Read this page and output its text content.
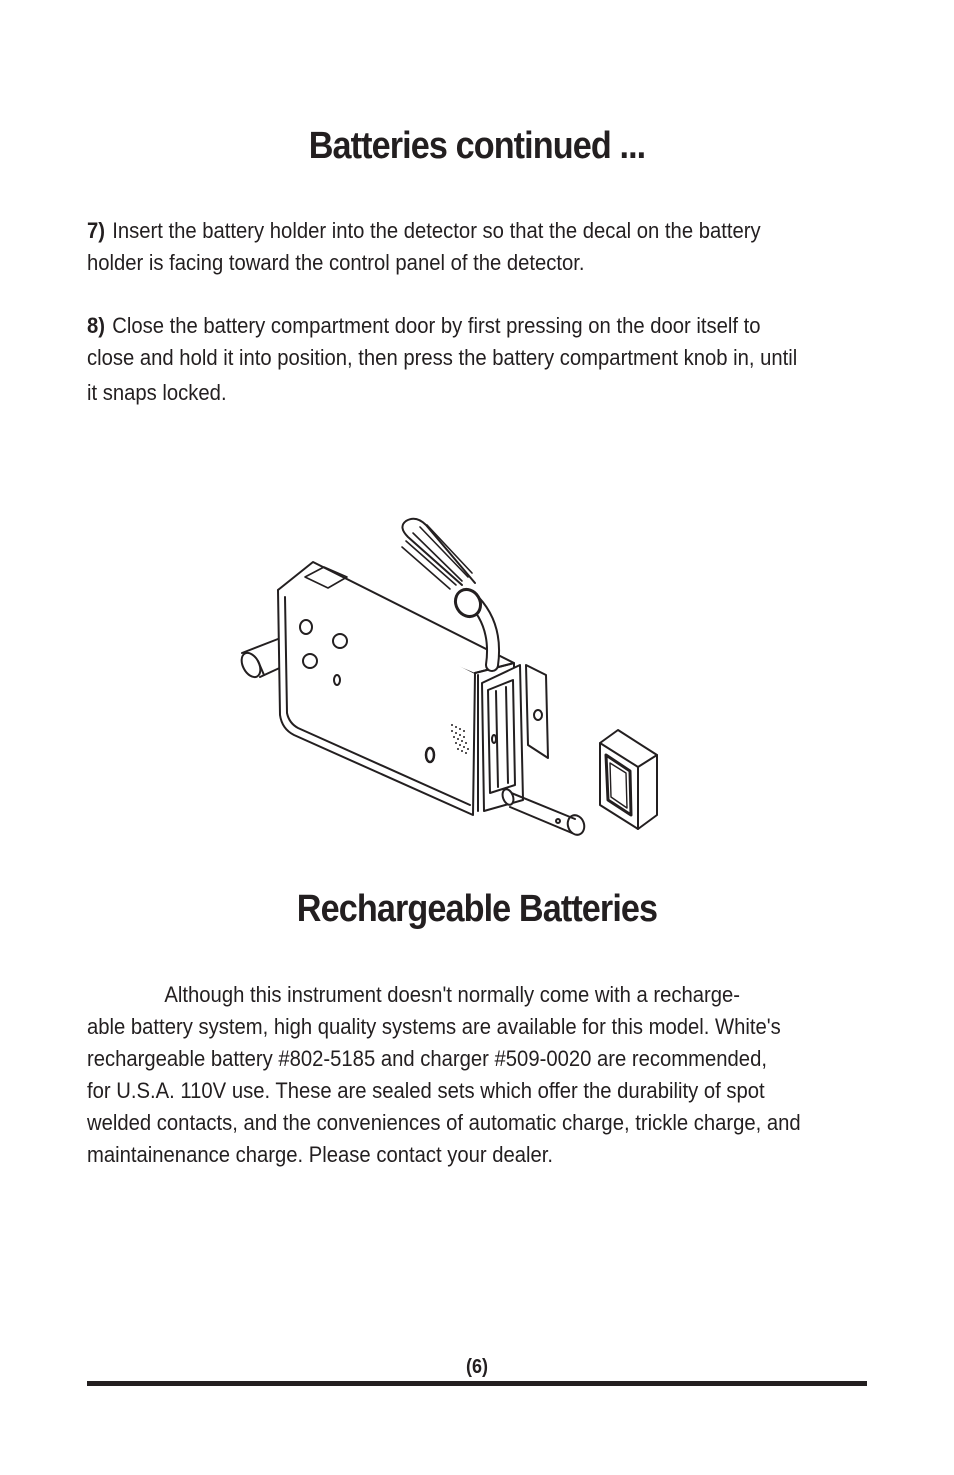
Batteries continued ...

7) Insert the battery holder into the detector so that the decal on the battery
holder is facing toward the control panel of the detector.

8) Close the battery compartment door by first pressing on the door itself to
close and hold it into position, then press the battery compartment knob in, until
it snaps locked.

Rechargeable Batteries

Although this instrument doesn't normally come with a recharge-
able battery system, high quality systems are available for this model. White's
rechargeable battery #802-5185 and charger #509-0020 are recommended,
for U.S.A. 110V use. These are sealed sets which offer the durability of spot
welded contacts, and the conveniences of automatic charge, trickle charge, and
maintainenance charge. Please contact your dealer.

(6)
